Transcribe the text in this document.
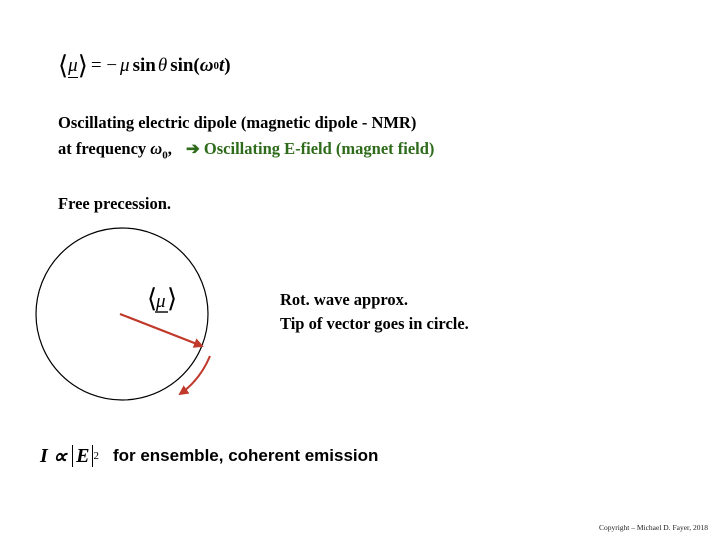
⟨μ
⟩ = − μ sin θ sin( ω 0 t )
Oscillating electric dipole (magnetic dipole - NMR)
at frequency $\omega_0$, ➔ Oscillating E-field (magnet field)
Free precession.
⟨
μ ⟩	Rot. wave approx.
Tip of vector goes in circle.
I ∝ E 2 for ensemble, coherent emission
Copyright – Michael D. Fayer, 2018
